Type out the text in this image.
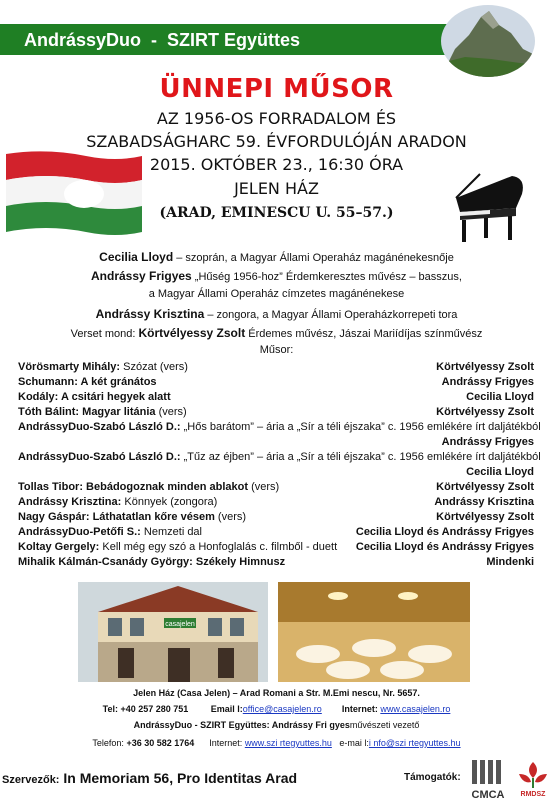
AndrássyDuo  -  SZIRT Együttes
ÜNNEPI MŰSOR
AZ 1956-OS FORRADALOM ÉS
SZABADSÁGHARC 59. ÉVFORDULÓJÁN ARADON
2015. OKTÓBER 23., 16:30 ÓRA
JELEN HÁZ
(ARAD, EMINESCU U. 55–57.)
Cecilia Lloyd – szoprán, a Magyar Állami Operaház magánénekesnője
Andrássy Frigyes „Hűség 1956-hoz” Érdemkeresztes művész – basszus,
a Magyar Állami Operaház címzetes magánénekese
Andrássy Krisztina – zongora, a Magyar Állami Operaházkorrepeti tora
Verset mond: Körtvélyessy Zsolt Érdemes művész, Jászai Mariídíjas színművész
Műsor:
Vörösmarty Mihály: Szózat (vers)	Körtvélyessy Zsolt
Schumann: A két gránátos	Andrássy Frigyes
Kodály: A csitári hegyek alatt	Cecilia Lloyd
Tóth Bálint: Magyar litánia (vers)	Körtvélyessy Zsolt
AndrássyDuo-Szabó László D.: „Hős barátom” – ária a „Sír a téli éjszaka” c. 1956 emlékére írt daljátékból
Andrássy Frigyes
AndrássyDuo-Szabó László D.: „Tűz az éjben” – ária a „Sír a téli éjszaka” c. 1956 emlékére írt daljátékból
Cecilia Lloyd
Tollas Tibor: Bebádogoznak minden ablakot (vers)	Körtvélyessy Zsolt
Andrássy Krisztina: Könnyek (zongora)	Andrássy Krisztina
Nagy Gáspár: Láthatatlan kőre vésem (vers)	Körtvélyessy Zsolt
AndrássyDuo-Petőfi S.: Nemzeti dal	Cecilia Lloyd és Andrássy Frigyes
Koltay Gergely: Kell még egy szó a Honfoglalás c. filmből - duett Cecilia Lloyd és Andrássy Frigyes
Mihalik Kálmán-Csanády György: Székely Himnusz	Mindenki
casajelen
Jelen Ház (Casa Jelen) – Arad Romani a Str. M.Emi nescu, Nr. 5657.
Tel: +40 257 280 751	Email l:office@casajelen.ro Internet: www.casajelen.ro
AndrássyDuo - SZIRT Együttes: Andrássy Fri gyesművészeti vezető
Telefon: +36 30 582 1764 Internet: www.szi rtegyuttes.hu e-mai l:i nfo@szi rtegyuttes.hu
Szervezők: In Memoriam 56, Pro Identitas Arad	Támogatók:
CMCA RMDSZ
